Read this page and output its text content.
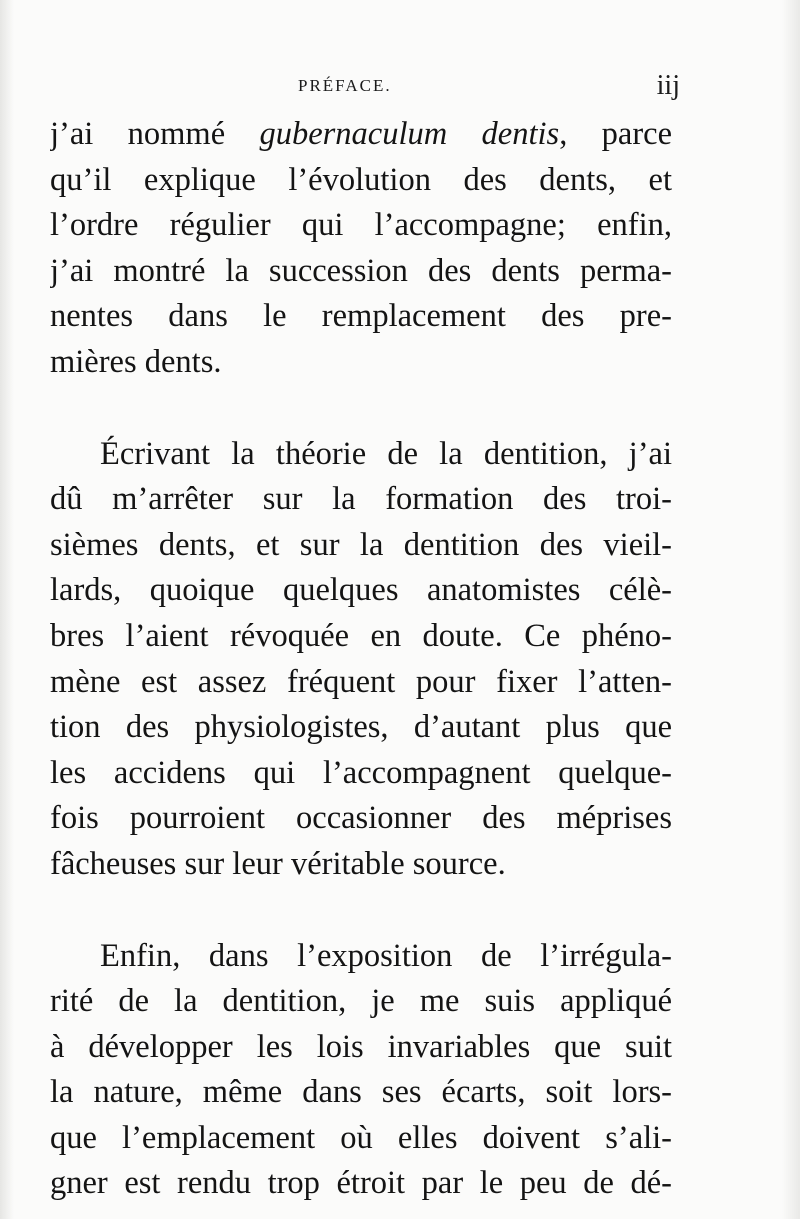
PRÉFACE.	iij

j’ai nommé gubernaculum dentis, parce
qu’il explique l’évolution des dents, et
l’ordre régulier qui l’accompagne; enfin,
j’ai montré la succession des dents perma-
nentes dans le remplacement des pre-
mières dents.

Écrivant la théorie de la dentition, j’ai
dû m’arrêter sur la formation des troi-
sièmes dents, et sur la dentition des vieil-
lards, quoique quelques anatomistes célè-
bres l’aient révoquée en doute. Ce phéno-
mène est assez fréquent pour fixer l’atten-
tion des physiologistes, d’autant plus que
les accidens qui l’accompagnent quelque-
fois pourroient occasionner des méprises
fâcheuses sur leur véritable source.

Enfin, dans l’exposition de l’irrégula-
rité de la dentition, je me suis appliqué
à développer les lois invariables que suit
la nature, même dans ses écarts, soit lors-
que l’emplacement où elles doivent s’ali-
gner est rendu trop étroit par le peu de dé-
